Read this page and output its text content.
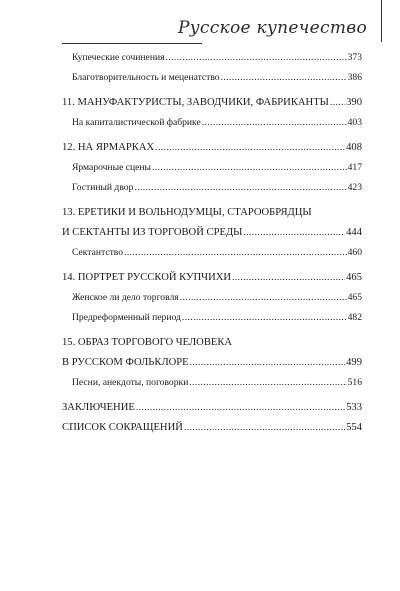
Русское купечество
Купеческие сочинения .....	373
Благотворительность и меценатство .....	386
11. МАНУФАКТУРИСТЫ, ЗАВОДЧИКИ, ФАБРИКАНТЫ ..... 390
На капиталистической фабрике .....	403
12. НА ЯРМАРКАХ .....	408
Ярмарочные сцены .....	417
Гостиный двор .....	423
13. ЕРЕТИКИ И ВОЛЬНОДУМЦЫ, СТАРООБРЯДЦЫ
И СЕКТАНТЫ ИЗ ТОРГОВОЙ СРЕДЫ .....	444
Сектантство .....	460
14. ПОРТРЕТ РУССКОЙ КУПЧИХИ .....	465
Женское ли дело торговля .....	465
Предреформенный период .....	482
15. ОБРАЗ ТОРГОВОГО ЧЕЛОВЕКА
В РУССКОМ ФОЛЬКЛОРЕ .....	499
Песни, анекдоты, поговорки .....	516
ЗАКЛЮЧЕНИЕ .....	533
СПИСОК СОКРАЩЕНИЙ .....	554
